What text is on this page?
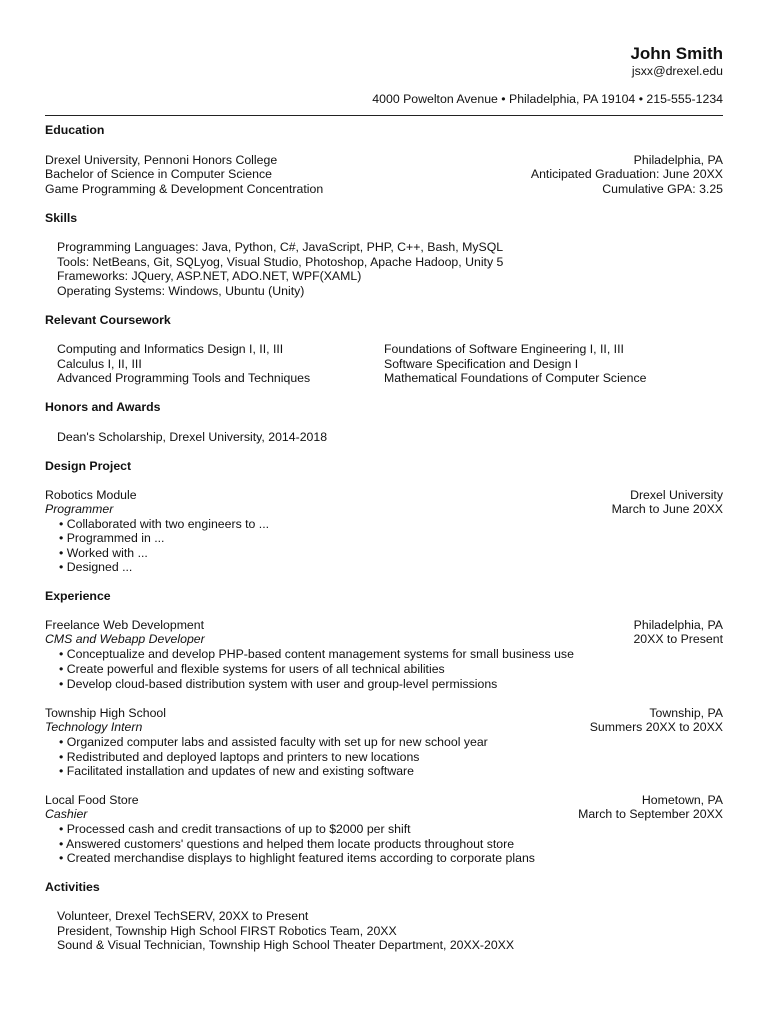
John Smith
jsxx@drexel.edu
4000 Powelton Avenue • Philadelphia, PA 19104 • 215-555-1234
Education
Drexel University, Pennoni Honors College
Bachelor of Science in Computer Science
Game Programming & Development Concentration
Philadelphia, PA
Anticipated Graduation: June 20XX
Cumulative GPA: 3.25
Skills
Programming Languages: Java, Python, C#, JavaScript, PHP, C++, Bash, MySQL
Tools: NetBeans, Git, SQLyog, Visual Studio, Photoshop, Apache Hadoop, Unity 5
Frameworks: JQuery, ASP.NET, ADO.NET, WPF(XAML)
Operating Systems: Windows, Ubuntu (Unity)
Relevant Coursework
Computing and Informatics Design I, II, III
Calculus I, II, III
Advanced Programming Tools and Techniques
Foundations of Software Engineering I, II, III
Software Specification and Design I
Mathematical Foundations of Computer Science
Honors and Awards
Dean's Scholarship, Drexel University, 2014-2018
Design Project
Robotics Module
Programmer
Drexel University
March to June 20XX
• Collaborated with two engineers to ...
• Programmed in ...
• Worked with ...
• Designed ...
Experience
Freelance Web Development
CMS and Webapp Developer
Philadelphia, PA
20XX to Present
• Conceptualize and develop PHP-based content management systems for small business use
• Create powerful and flexible systems for users of all technical abilities
• Develop cloud-based distribution system with user and group-level permissions
Township High School
Technology Intern
Township, PA
Summers 20XX to 20XX
• Organized computer labs and assisted faculty with set up for new school year
• Redistributed and deployed laptops and printers to new locations
• Facilitated installation and updates of new and existing software
Local Food Store
Cashier
Hometown, PA
March to September 20XX
• Processed cash and credit transactions of up to $2000 per shift
• Answered customers' questions and helped them locate products throughout store
• Created merchandise displays to highlight featured items according to corporate plans
Activities
Volunteer, Drexel TechSERV, 20XX to Present
President, Township High School FIRST Robotics Team, 20XX
Sound & Visual Technician, Township High School Theater Department, 20XX-20XX
